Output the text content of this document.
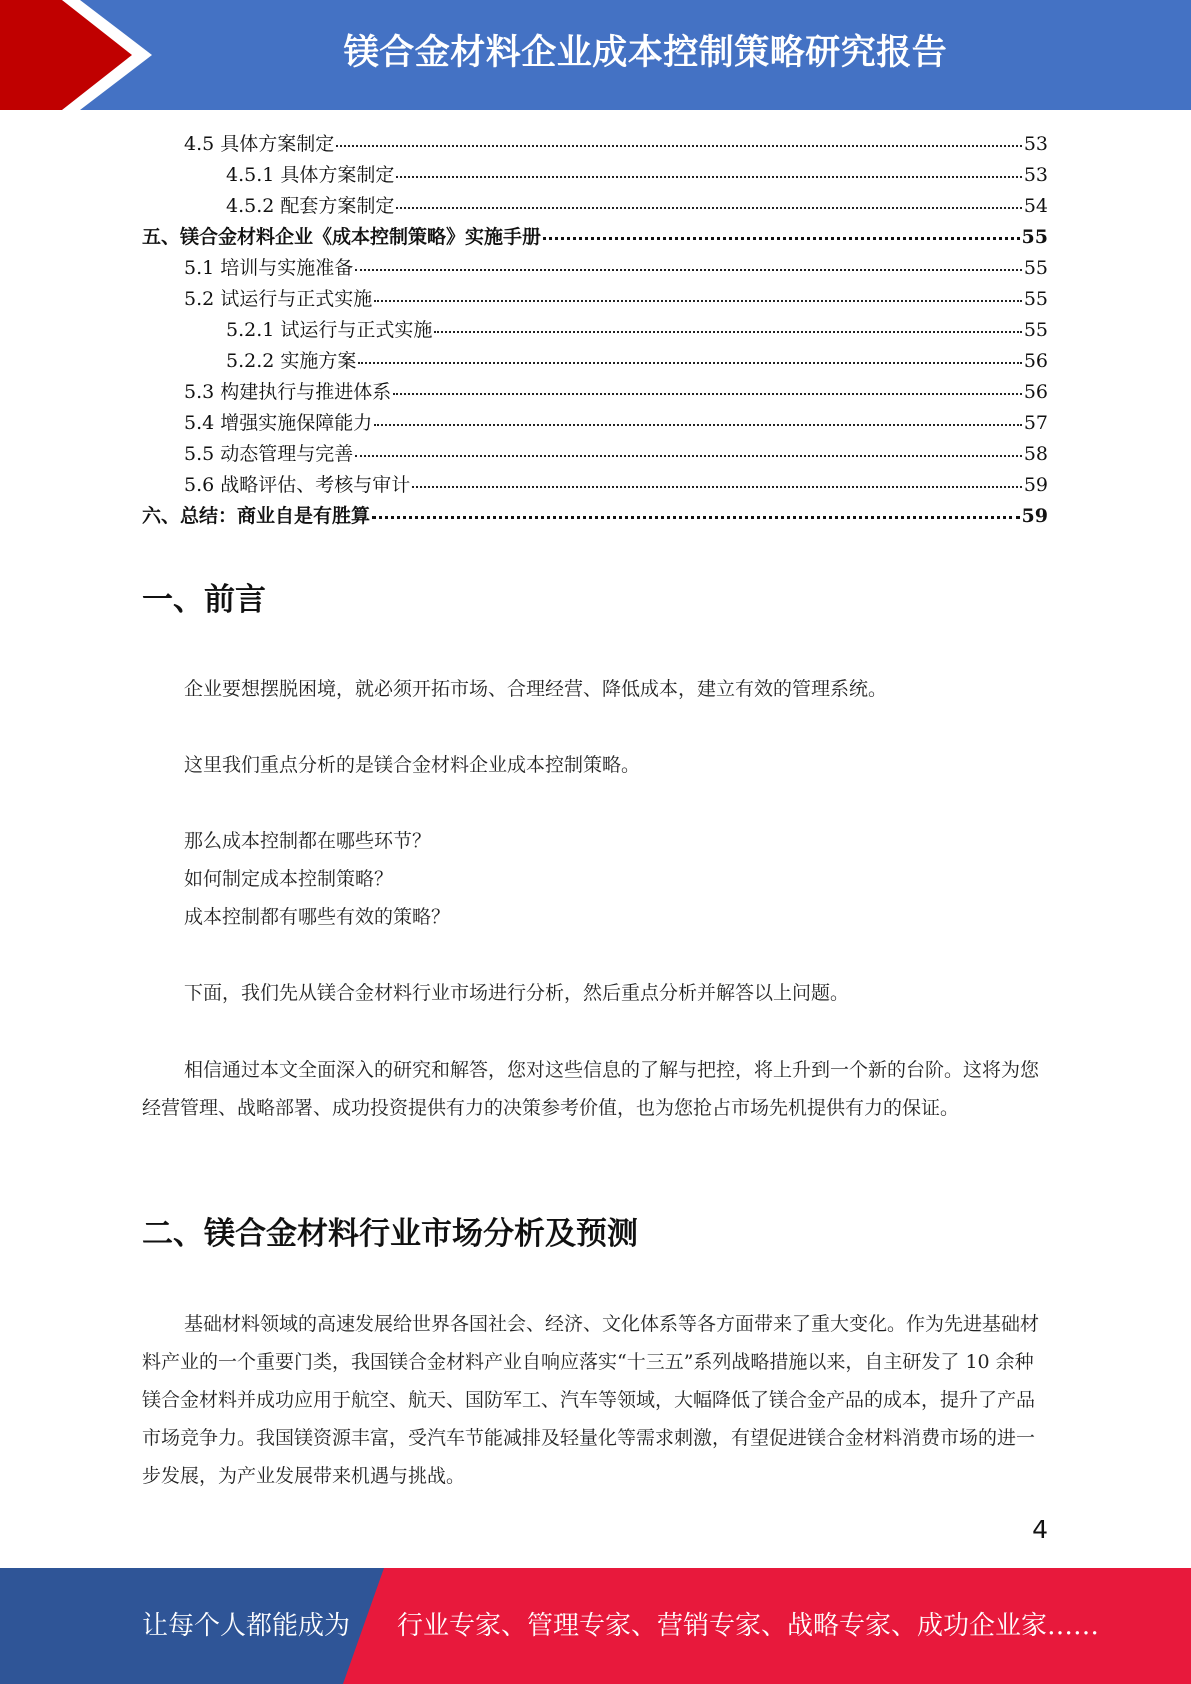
镁合金材料企业成本控制策略研究报告
4.5 具体方案制定	53
4.5.1 具体方案制定	53
4.5.2 配套方案制定	54
五、镁合金材料企业《成本控制策略》实施手册	55
5.1 培训与实施准备	55
5.2 试运行与正式实施	55
5.2.1 试运行与正式实施	55
5.2.2 实施方案	56
5.3 构建执行与推进体系	56
5.4 增强实施保障能力	57
5.5 动态管理与完善	58
5.6 战略评估、考核与审计	59
六、总结：商业自是有胜算	59
一、前言
企业要想摆脱困境，就必须开拓市场、合理经营、降低成本，建立有效的管理系统。
这里我们重点分析的是镁合金材料企业成本控制策略。
那么成本控制都在哪些环节？
如何制定成本控制策略？
成本控制都有哪些有效的策略？
下面，我们先从镁合金材料行业市场进行分析，然后重点分析并解答以上问题。
相信通过本文全面深入的研究和解答，您对这些信息的了解与把控，将上升到一个新的台阶。这将为您经营管理、战略部署、成功投资提供有力的决策参考价值，也为您抢占市场先机提供有力的保证。
二、镁合金材料行业市场分析及预测
基础材料领域的高速发展给世界各国社会、经济、文化体系等各方面带来了重大变化。作为先进基础材料产业的一个重要门类，我国镁合金材料产业自响应落实“十三五”系列战略措施以来，自主研发了 10 余种镁合金材料并成功应用于航空、航天、国防军工、汽车等领域，大幅降低了镁合金产品的成本，提升了产品市场竞争力。我国镁资源丰富，受汽车节能减排及轻量化等需求刺激，有望促进镁合金材料消费市场的进一步发展，为产业发展带来机遇与挑战。
4
让每个人都能成为 行业专家、管理专家、营销专家、战略专家、成功企业家……
